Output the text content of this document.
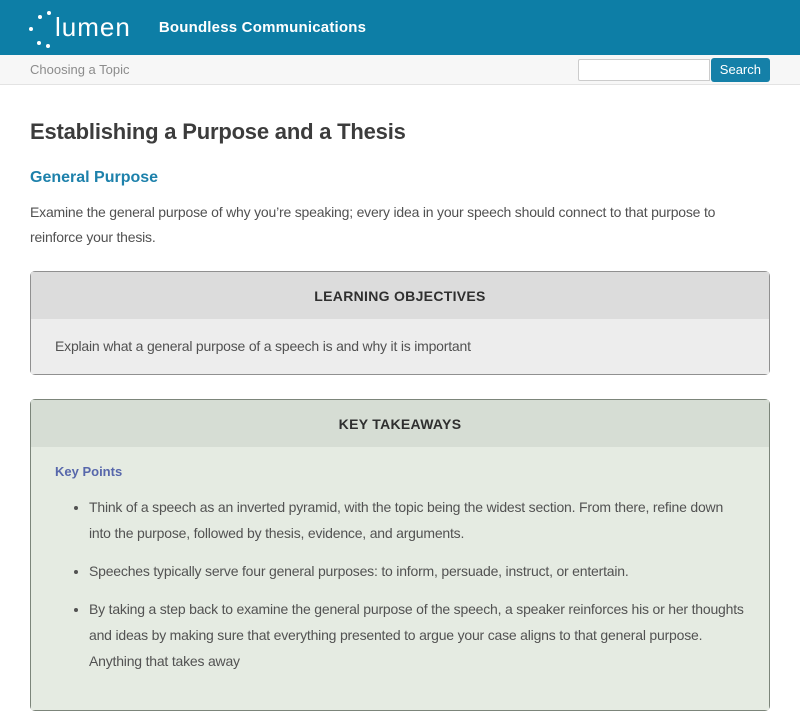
lumen Boundless Communications
Choosing a Topic	Search
Establishing a Purpose and a Thesis
General Purpose

Examine the general purpose of why you’re speaking; every idea in your speech should connect to that purpose to reinforce your thesis.

LEARNING OBJECTIVES
Explain what a general purpose of a speech is and why it is important
KEY TAKEAWAYS
Key Points
• Think of a speech as an inverted pyramid, with the topic being the widest section. From there, refine down into the purpose, followed by thesis, evidence, and arguments.
• Speeches typically serve four general purposes: to inform, persuade, instruct, or entertain.
• By taking a step back to examine the general purpose of the speech, a speaker reinforces his or her thoughts and ideas by making sure that everything presented to argue your case aligns to that general purpose. Anything that takes away
